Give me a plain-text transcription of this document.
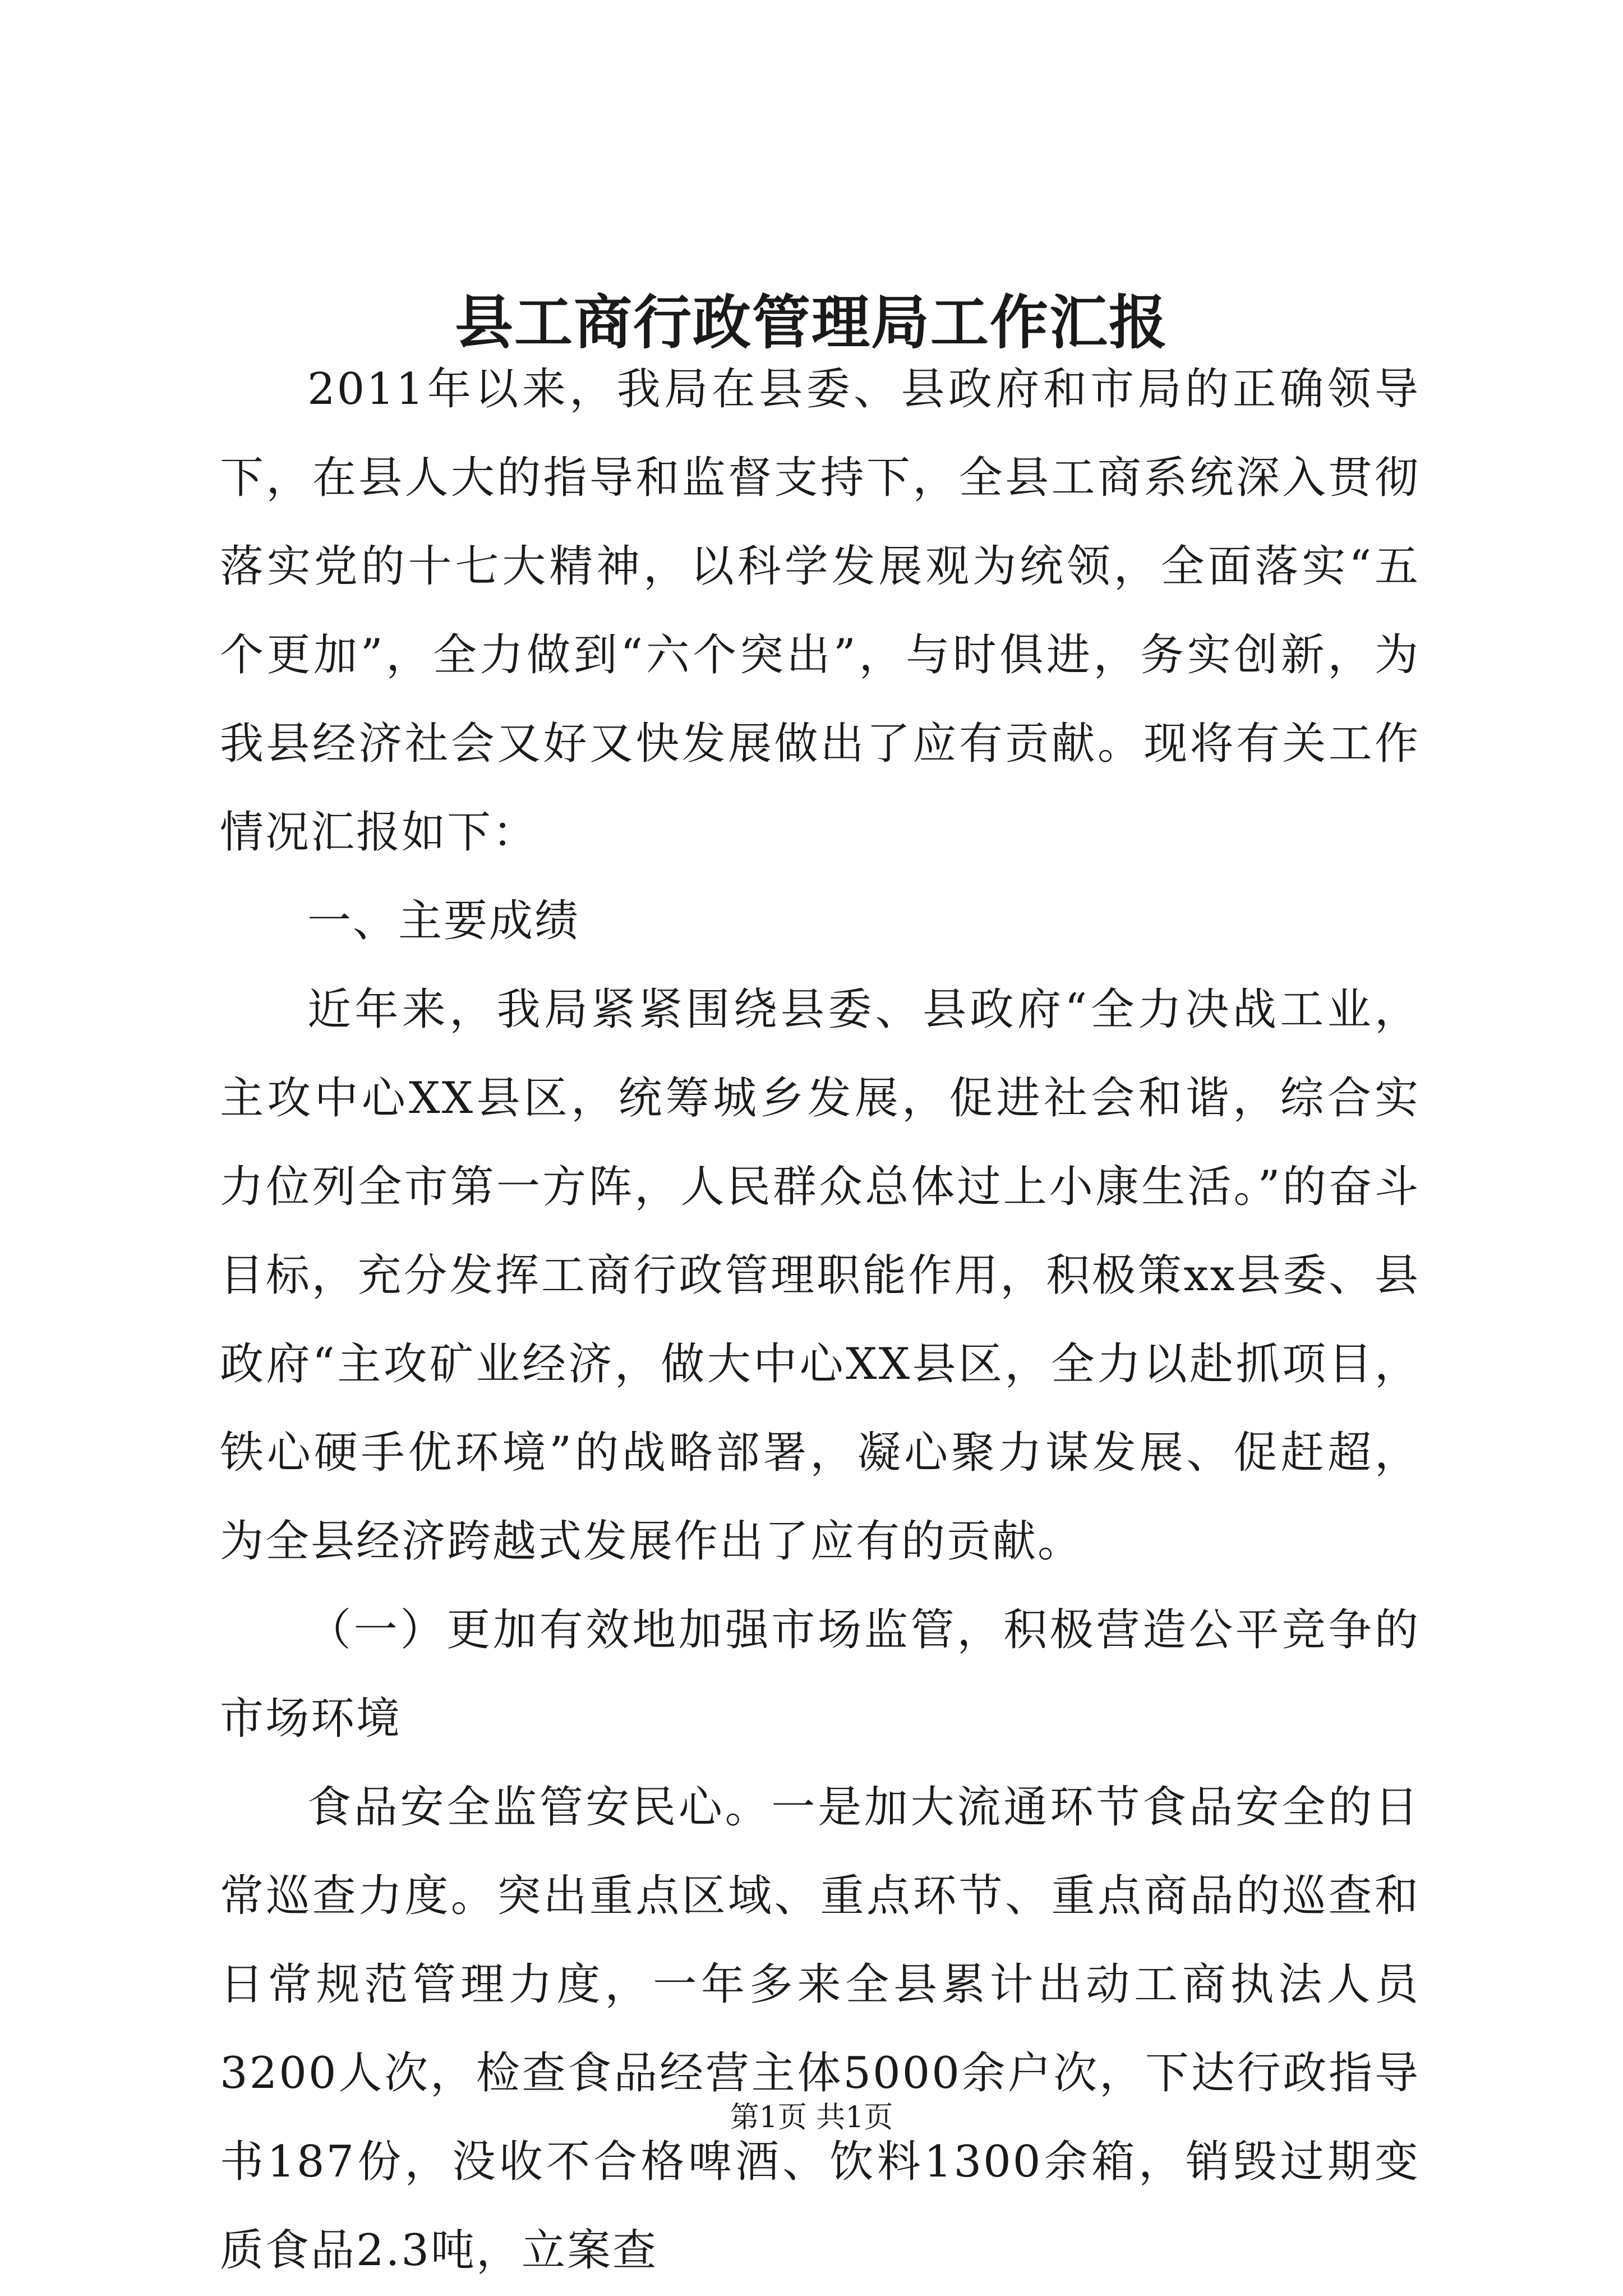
县工商行政管理局工作汇报

2011年以来，我局在县委、县政府和市局的正确领导下，在县人大的指导和监督支持下，全县工商系统深入贯彻落实党的十七大精神，以科学发展观为统领，全面落实“五个更加”，全力做到“六个突出”，与时俱进，务实创新，为我县经济社会又好又快发展做出了应有贡献。现将有关工作情况汇报如下：

一、主要成绩

近年来，我局紧紧围绕县委、县政府“全力决战工业，主攻中心XX县区，统筹城乡发展，促进社会和谐，综合实力位列全市第一方阵，人民群众总体过上小康生活。”的奋斗目标，充分发挥工商行政管理职能作用，积极策xx县委、县政府“主攻矿业经济，做大中心XX县区，全力以赴抓项目，铁心硬手优环境”的战略部署，凝心聚力谋发展、促赶超，为全县经济跨越式发展作出了应有的贡献。

（一）更加有效地加强市场监管，积极营造公平竞争的市场环境

食品安全监管安民心。一是加大流通环节食品安全的日常巡查力度。突出重点区域、重点环节、重点商品的巡查和日常规范管理力度，一年多来全县累计出动工商执法人员3200人次，检查食品经营主体5000余户次，下达行政指导书187份，没收不合格啤酒、饮料1300余箱，销毁过期变质食品2.3吨，立案查

第1页 共1页
